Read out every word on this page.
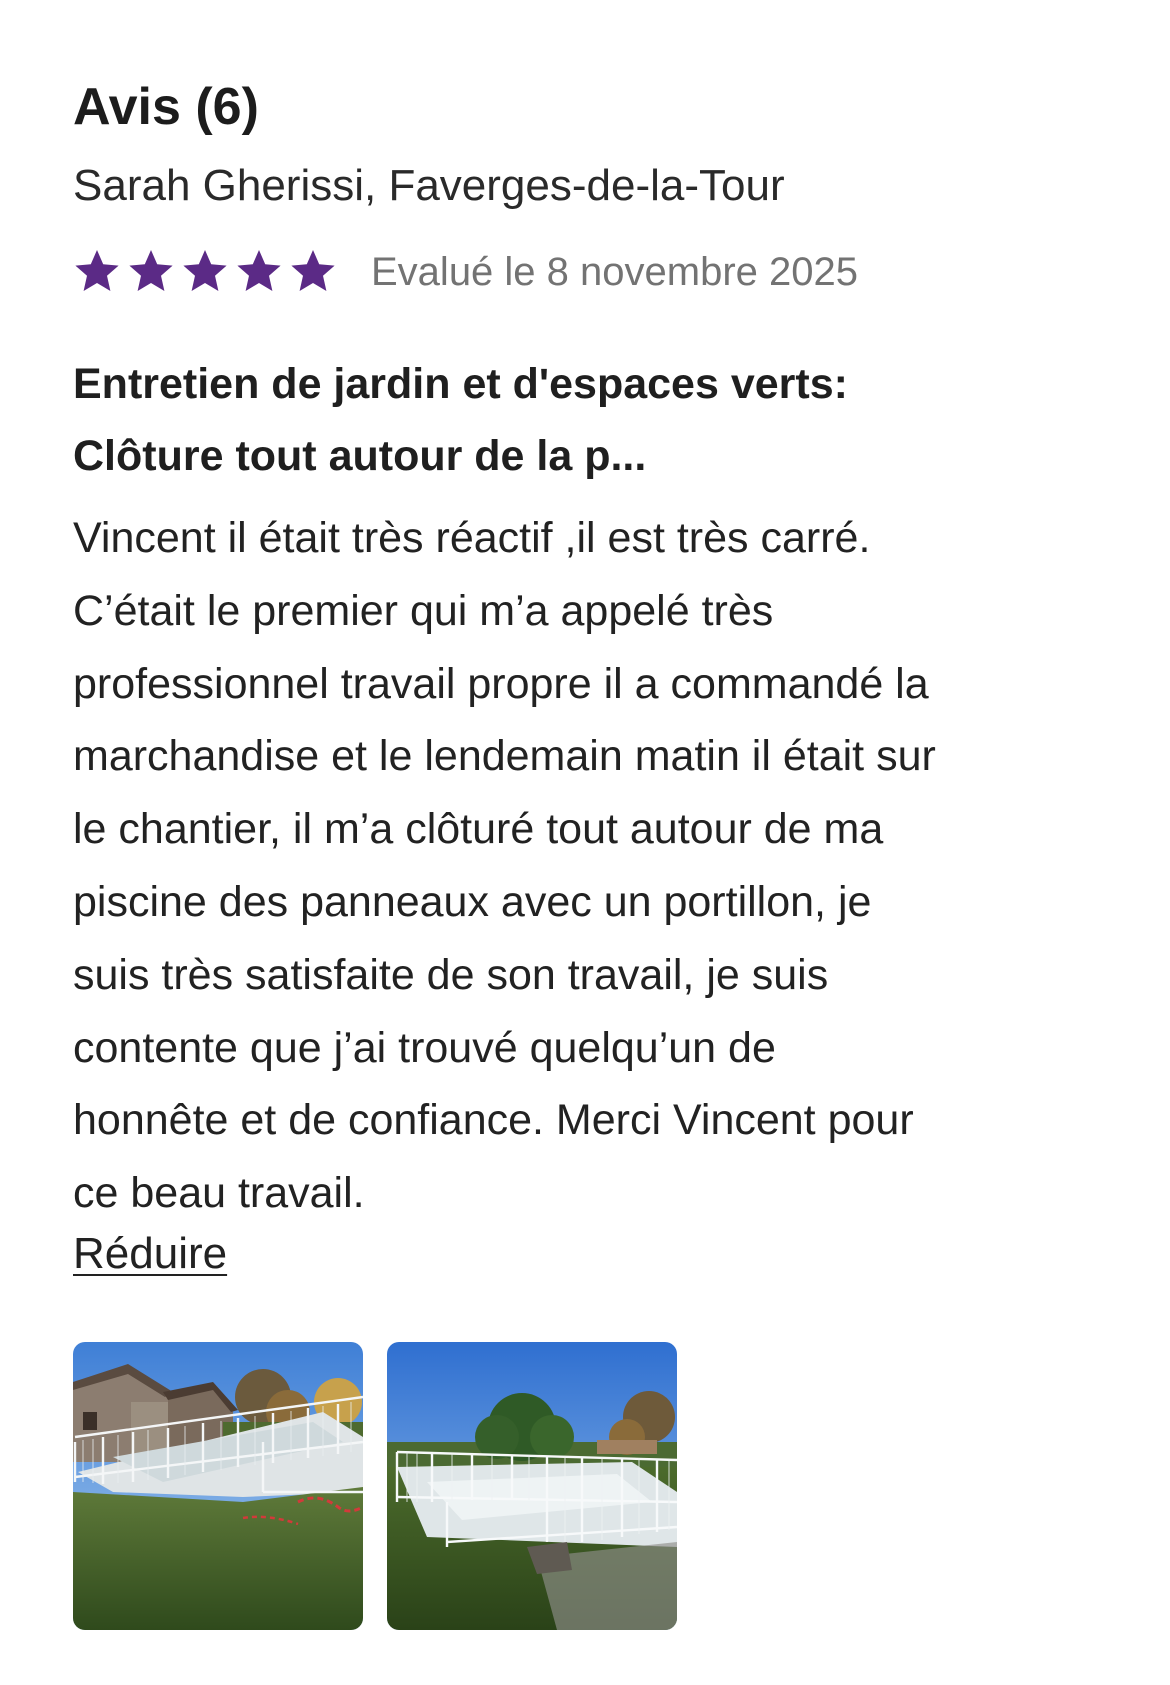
Avis (6)
Sarah Gherissi, Faverges-de-la-Tour
Evalué le 8 novembre 2025
Entretien de jardin et d'espaces verts:
Clôture tout autour de la p...
Vincent il était très réactif ,il est très carré.
C’était le premier qui m’a appelé très
professionnel travail propre il a commandé la
marchandise et le lendemain matin il était sur
le chantier, il m’a clôturé tout autour de ma
piscine des panneaux avec un portillon, je
suis très satisfaite de son travail, je suis
contente que j’ai trouvé quelqu’un de
honnête et de confiance. Merci Vincent pour
ce beau travail.
Réduire
